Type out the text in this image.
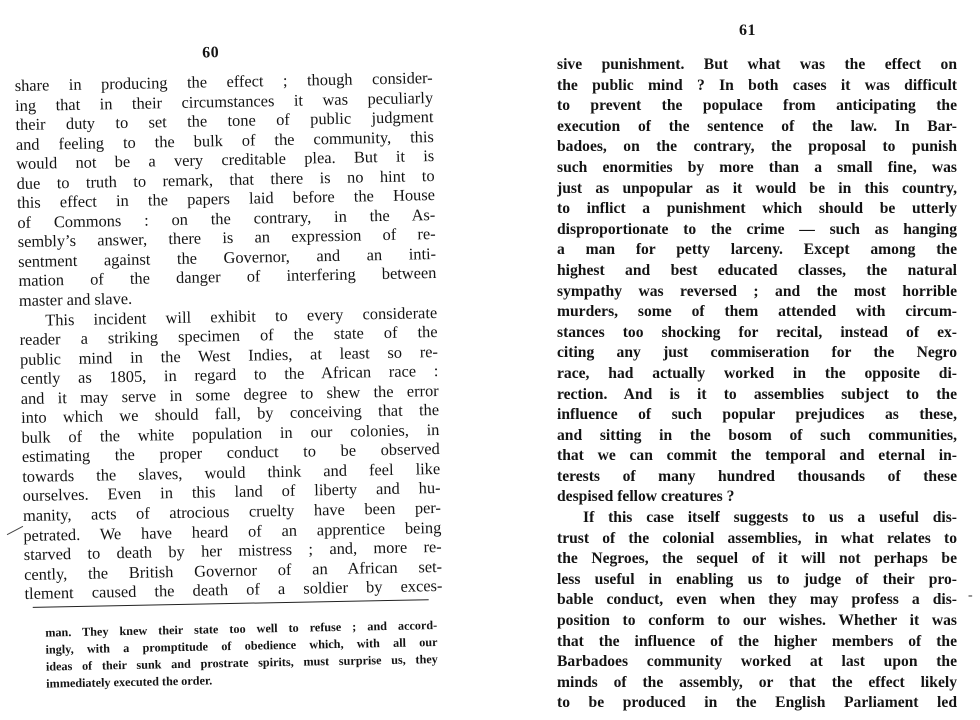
60
share in producing the effect ; though consider-
ing that in their circumstances it was peculiarly
their duty to set the tone of public judgment
and feeling to the bulk of the community, this
would not be a very creditable plea. But it is
due to truth to remark, that there is no hint to
this effect in the papers laid before the House
of Commons : on the contrary, in the As-
sembly’s answer, there is an expression of re-
sentment against the Governor, and an inti-
mation of the danger of interfering between
master and slave.
This incident will exhibit to every considerate
reader a striking specimen of the state of the
public mind in the West Indies, at least so re-
cently as 1805, in regard to the African race :
and it may serve in some degree to shew the error
into which we should fall, by conceiving that the
bulk of the white population in our colonies, in
estimating the proper conduct to be observed
towards the slaves, would think and feel like
ourselves. Even in this land of liberty and hu-
manity, acts of atrocious cruelty have been per-
petrated. We have heard of an apprentice being
starved to death by her mistress ; and, more re-
cently, the British Governor of an African set-
tlement caused the death of a soldier by exces-
man. They knew their state too well to refuse ; and accord-
ingly, with a promptitude of obedience which, with all our
ideas of their sunk and prostrate spirits, must surprise us, they
immediately executed the order.
61
sive punishment. But what was the effect on
the public mind ? In both cases it was difficult
to prevent the populace from anticipating the
execution of the sentence of the law. In Bar-
badoes, on the contrary, the proposal to punish
such enormities by more than a small fine, was
just as unpopular as it would be in this country,
to inflict a punishment which should be utterly
disproportionate to the crime — such as hanging
a man for petty larceny. Except among the
highest and best educated classes, the natural
sympathy was reversed ; and the most horrible
murders, some of them attended with circum-
stances too shocking for recital, instead of ex-
citing any just commiseration for the Negro
race, had actually worked in the opposite di-
rection. And is it to assemblies subject to the
influence of such popular prejudices as these,
and sitting in the bosom of such communities,
that we can commit the temporal and eternal in-
terests of many hundred thousands of these
despised fellow creatures ?
If this case itself suggests to us a useful dis-
trust of the colonial assemblies, in what relates to
the Negroes, the sequel of it will not perhaps be
less useful in enabling us to judge of their pro-
bable conduct, even when they may profess a dis-
position to conform to our wishes. Whether it was
that the influence of the higher members of the
Barbadoes community worked at last upon the
minds of the assembly, or that the effect likely
to be produced in the English Parliament led
-
